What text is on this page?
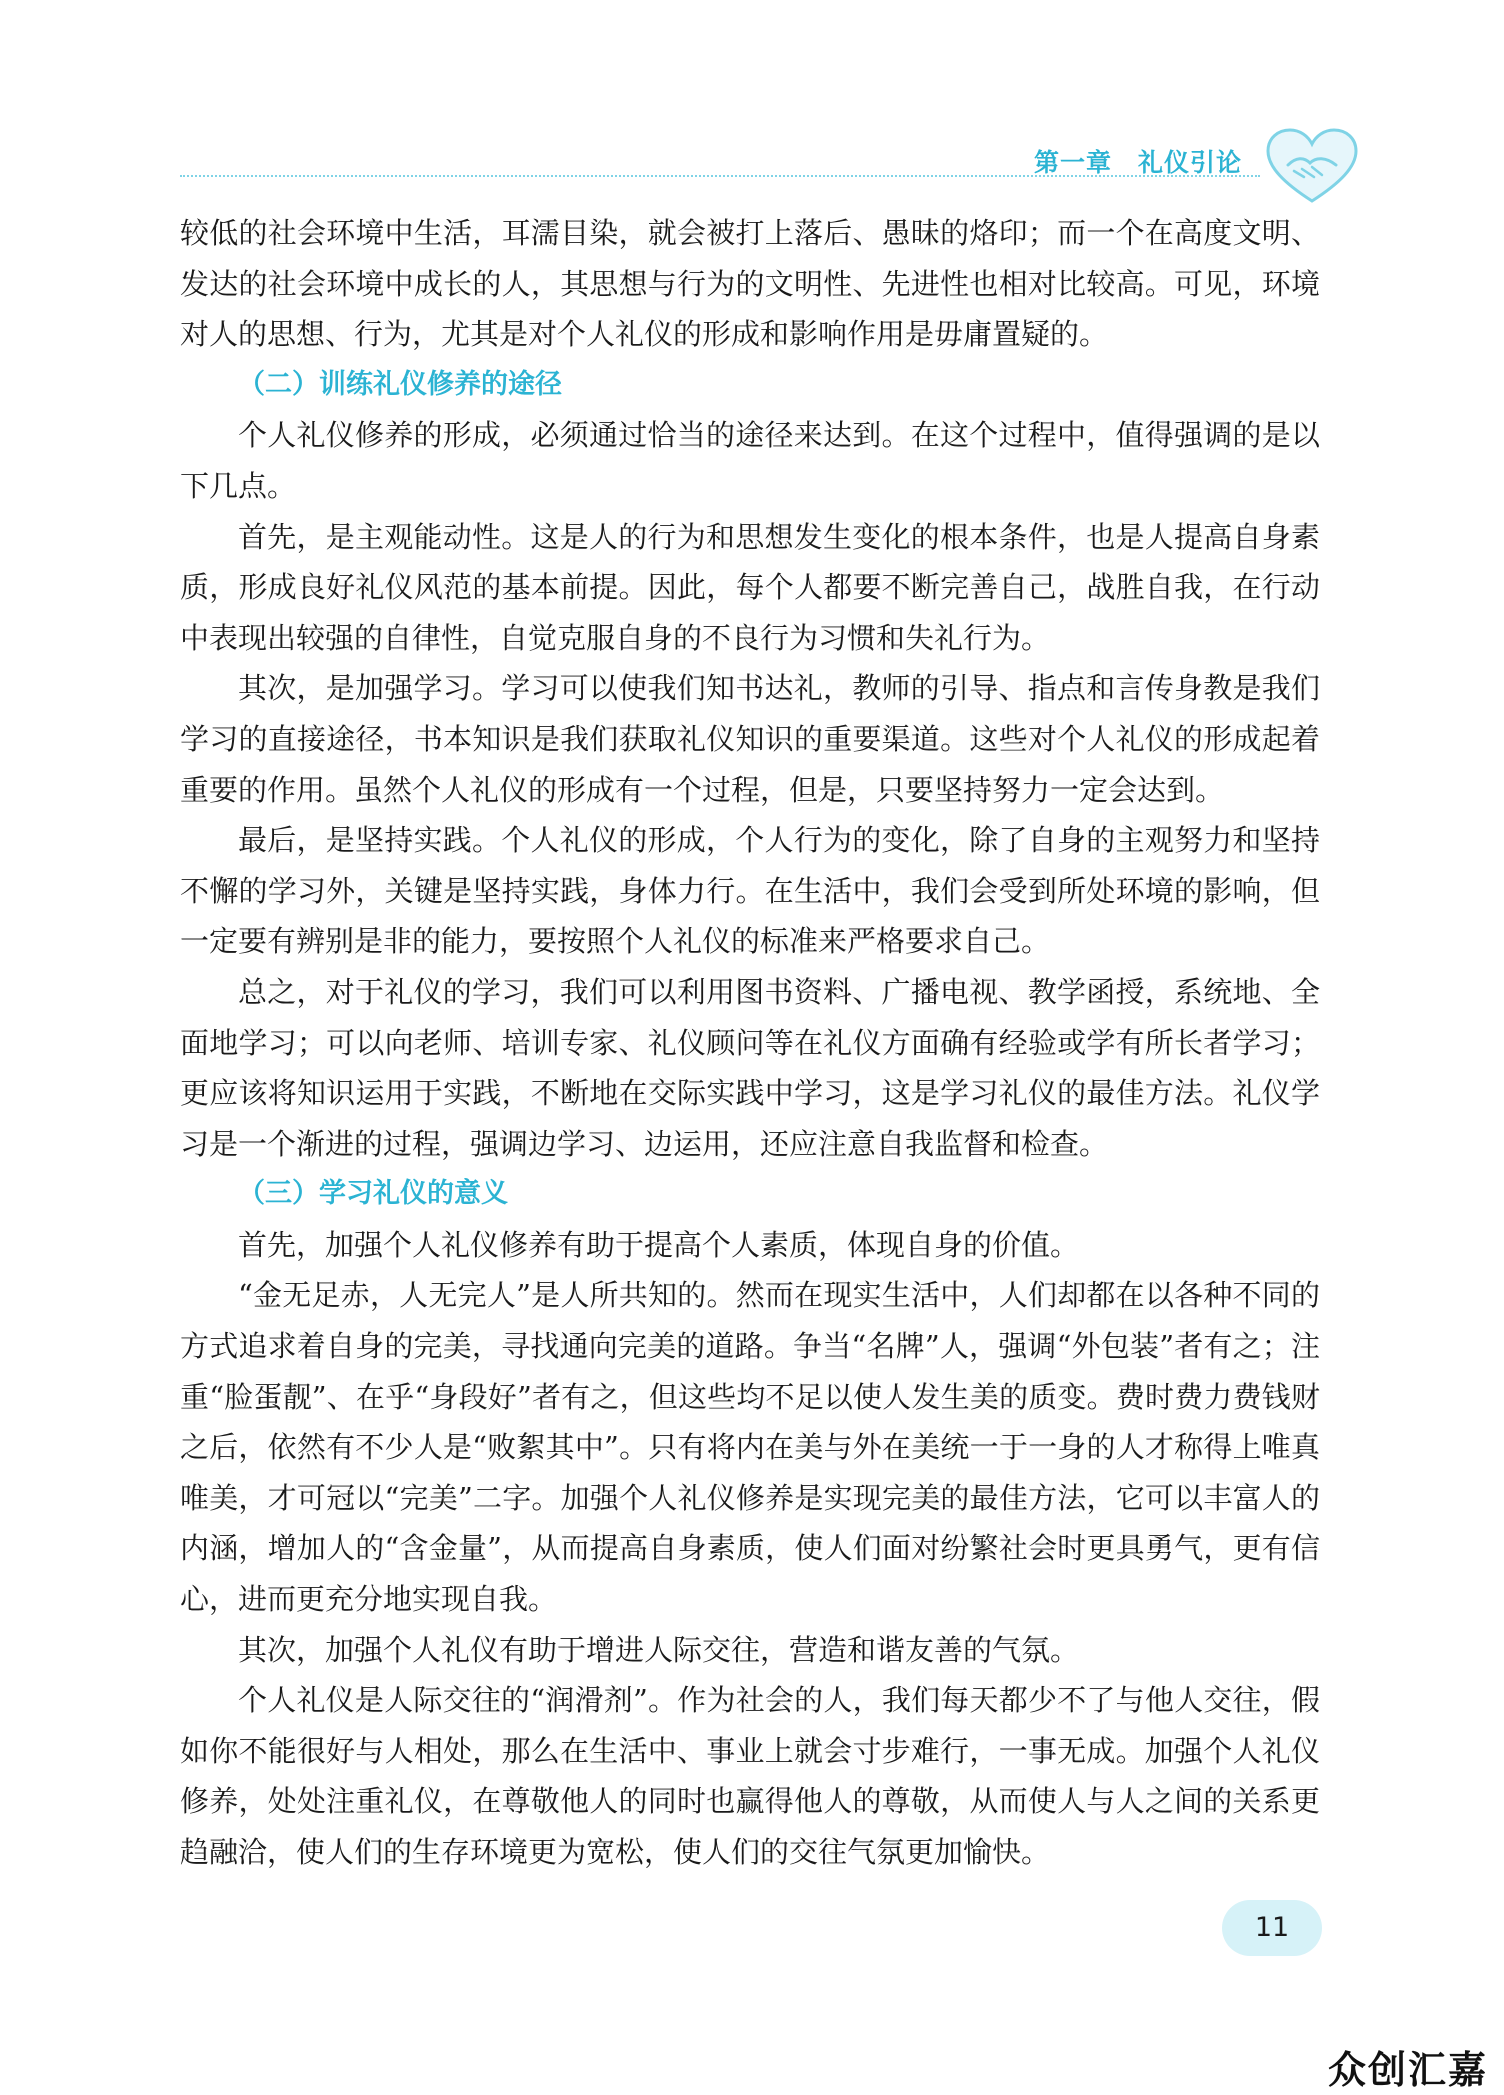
第一章　礼仪引论

较低的社会环境中生活，耳濡目染，就会被打上落后、愚昧的烙印；而一个在高度文明、发达的社会环境中成长的人，其思想与行为的文明性、先进性也相对比较高。可见，环境对人的思想、行为，尤其是对个人礼仪的形成和影响作用是毋庸置疑的。

（二）训练礼仪修养的途径

个人礼仪修养的形成，必须通过恰当的途径来达到。在这个过程中，值得强调的是以下几点。

首先，是主观能动性。这是人的行为和思想发生变化的根本条件，也是人提高自身素质，形成良好礼仪风范的基本前提。因此，每个人都要不断完善自己，战胜自我，在行动中表现出较强的自律性，自觉克服自身的不良行为习惯和失礼行为。

其次，是加强学习。学习可以使我们知书达礼，教师的引导、指点和言传身教是我们学习的直接途径，书本知识是我们获取礼仪知识的重要渠道。这些对个人礼仪的形成起着重要的作用。虽然个人礼仪的形成有一个过程，但是，只要坚持努力一定会达到。

最后，是坚持实践。个人礼仪的形成，个人行为的变化，除了自身的主观努力和坚持不懈的学习外，关键是坚持实践，身体力行。在生活中，我们会受到所处环境的影响，但一定要有辨别是非的能力，要按照个人礼仪的标准来严格要求自己。

总之，对于礼仪的学习，我们可以利用图书资料、广播电视、教学函授，系统地、全面地学习；可以向老师、培训专家、礼仪顾问等在礼仪方面确有经验或学有所长者学习；更应该将知识运用于实践，不断地在交际实践中学习，这是学习礼仪的最佳方法。礼仪学习是一个渐进的过程，强调边学习、边运用，还应注意自我监督和检查。

（三）学习礼仪的意义

首先，加强个人礼仪修养有助于提高个人素质，体现自身的价值。

“金无足赤，人无完人”是人所共知的。然而在现实生活中，人们却都在以各种不同的方式追求着自身的完美，寻找通向完美的道路。争当“名牌”人，强调“外包装”者有之；注重“脸蛋靓”、在乎“身段好”者有之，但这些均不足以使人发生美的质变。费时费力费钱财之后，依然有不少人是“败絮其中”。只有将内在美与外在美统一于一身的人才称得上唯真唯美，才可冠以“完美”二字。加强个人礼仪修养是实现完美的最佳方法，它可以丰富人的内涵，增加人的“含金量”，从而提高自身素质，使人们面对纷繁社会时更具勇气，更有信心，进而更充分地实现自我。

其次，加强个人礼仪有助于增进人际交往，营造和谐友善的气氛。

个人礼仪是人际交往的“润滑剂”。作为社会的人，我们每天都少不了与他人交往，假如你不能很好与人相处，那么在生活中、事业上就会寸步难行，一事无成。加强个人礼仪修养，处处注重礼仪，在尊敬他人的同时也赢得他人的尊敬，从而使人与人之间的关系更趋融洽，使人们的生存环境更为宽松，使人们的交往气氛更加愉快。

11
众创汇嘉
